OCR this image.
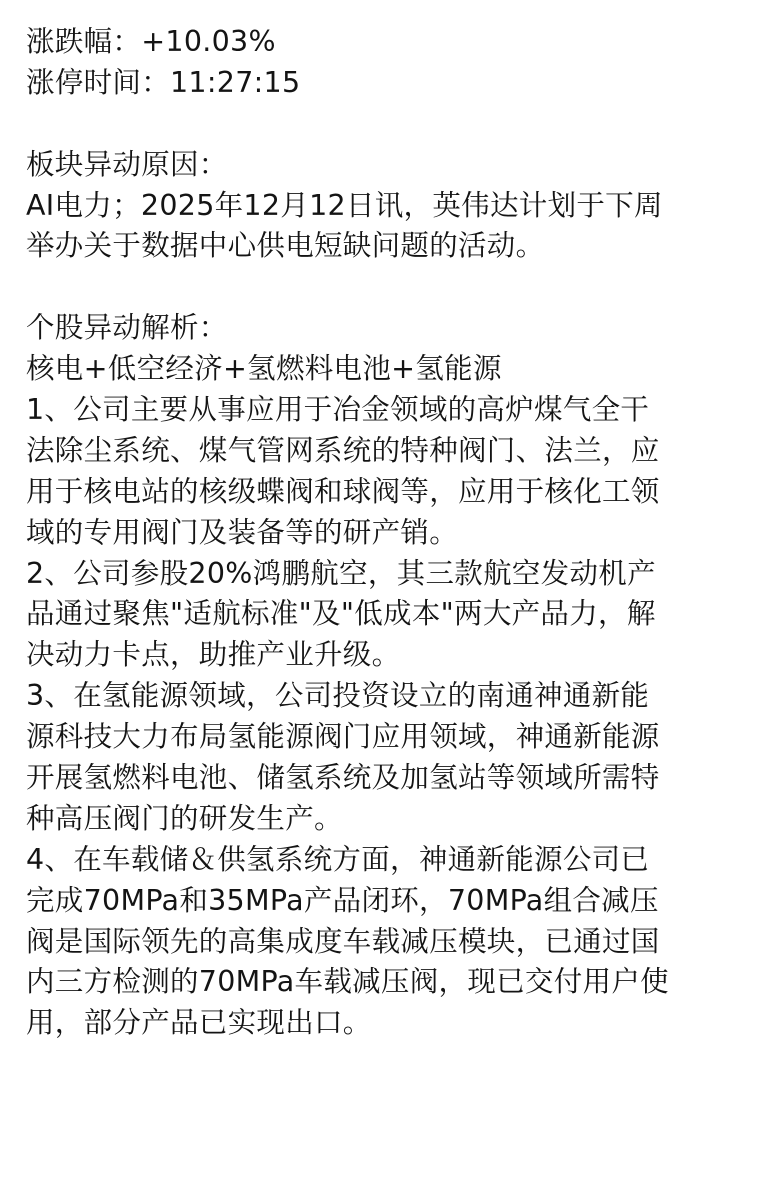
涨跌幅：+10.03%
涨停时间：11:27:15
板块异动原因：
AI电力；2025年12月12日讯，英伟达计划于下周
举办关于数据中心供电短缺问题的活动。
个股异动解析：
核电+低空经济+氢燃料电池+氢能源
1、公司主要从事应用于冶金领域的高炉煤气全干
法除尘系统、煤气管网系统的特种阀门、法兰，应
用于核电站的核级蝶阀和球阀等，应用于核化工领
域的专用阀门及装备等的研产销。
2、公司参股20%鸿鹏航空，其三款航空发动机产
品通过聚焦"适航标准"及"低成本"两大产品力，解
决动力卡点，助推产业升级。
3、在氢能源领域，公司投资设立的南通神通新能
源科技大力布局氢能源阀门应用领域，神通新能源
开展氢燃料电池、储氢系统及加氢站等领域所需特
种高压阀门的研发生产。
4、在车载储＆供氢系统方面，神通新能源公司已
完成70MPa和35MPa产品闭环，70MPa组合减压
阀是国际领先的高集成度车载减压模块，已通过国
内三方检测的70MPa车载减压阀，现已交付用户使
用，部分产品已实现出口。
